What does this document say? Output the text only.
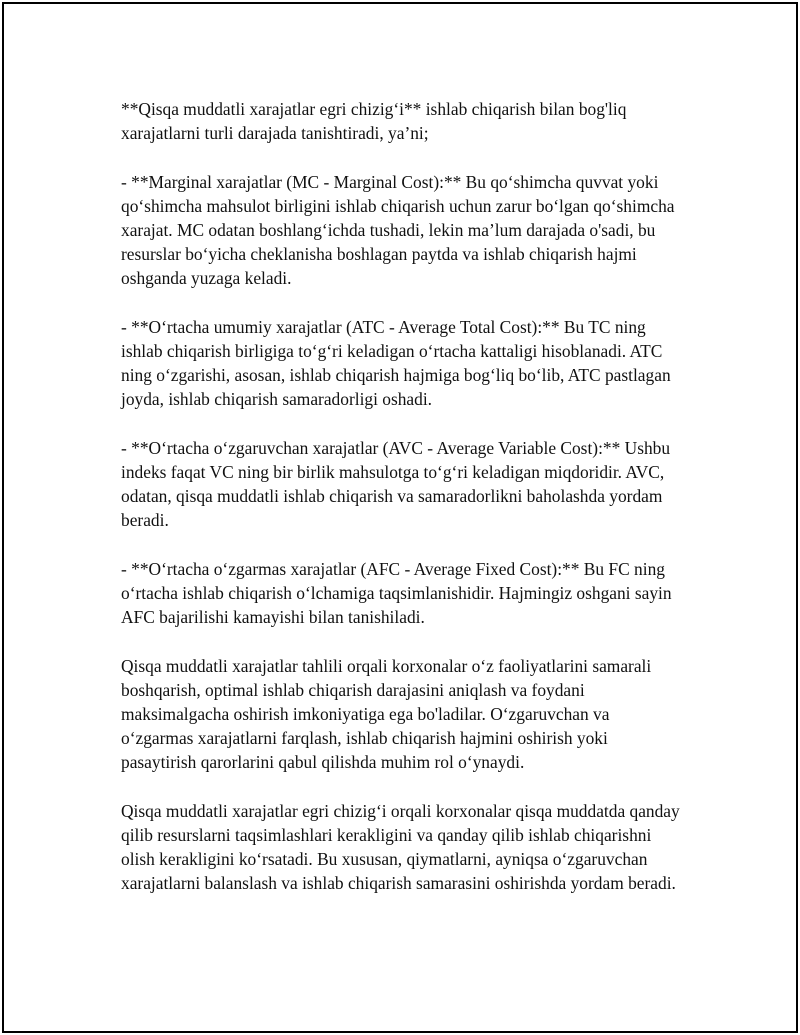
**Qisqa muddatli xarajatlar egri chizig‘i** ishlab chiqarish bilan bog'liq xarajatlarni turli darajada tanishtiradi, ya’ni;

- **Marginal xarajatlar (MC - Marginal Cost):** Bu qo‘shimcha quvvat yoki qo‘shimcha mahsulot birligini ishlab chiqarish uchun zarur bo‘lgan qo‘shimcha xarajat. MC odatan boshlang‘ichda tushadi, lekin ma’lum darajada o'sadi, bu resurslar bo‘yicha cheklanisha boshlagan paytda va ishlab chiqarish hajmi oshganda yuzaga keladi.

- **O‘rtacha umumiy xarajatlar (ATC - Average Total Cost):** Bu TC ning ishlab chiqarish birligiga to‘g‘ri keladigan o‘rtacha kattaligi hisoblanadi. ATC ning o‘zgarishi, asosan, ishlab chiqarish hajmiga bog‘liq bo‘lib, ATC pastlagan joyda, ishlab chiqarish samaradorligi oshadi.

- **O‘rtacha o‘zgaruvchan xarajatlar (AVC - Average Variable Cost):** Ushbu indeks faqat VC ning bir birlik mahsulotga to‘g‘ri keladigan miqdoridir. AVC, odatan, qisqa muddatli ishlab chiqarish va samaradorlikni baholashda yordam beradi.

- **O‘rtacha o‘zgarmas xarajatlar (AFC - Average Fixed Cost):** Bu FC ning o‘rtacha ishlab chiqarish o‘lchamiga taqsimlanishidir. Hajmingiz oshgani sayin AFC bajarilishi kamayishi bilan tanishiladi.

Qisqa muddatli xarajatlar tahlili orqali korxonalar o‘z faoliyatlarini samarali boshqarish, optimal ishlab chiqarish darajasini aniqlash va foydani maksimalgacha oshirish imkoniyatiga ega bo'ladilar. O‘zgaruvchan va o‘zgarmas xarajatlarni farqlash, ishlab chiqarish hajmini oshirish yoki pasaytirish qarorlarini qabul qilishda muhim rol o‘ynaydi.

Qisqa muddatli xarajatlar egri chizig‘i orqali korxonalar qisqa muddatda qanday qilib resurslarni taqsimlashlari kerakligini va qanday qilib ishlab chiqarishni olish kerakligini ko‘rsatadi. Bu xususan, qiymatlarni, ayniqsa o‘zgaruvchan xarajatlarni balanslash va ishlab chiqarish samarasini oshirishda yordam beradi.
